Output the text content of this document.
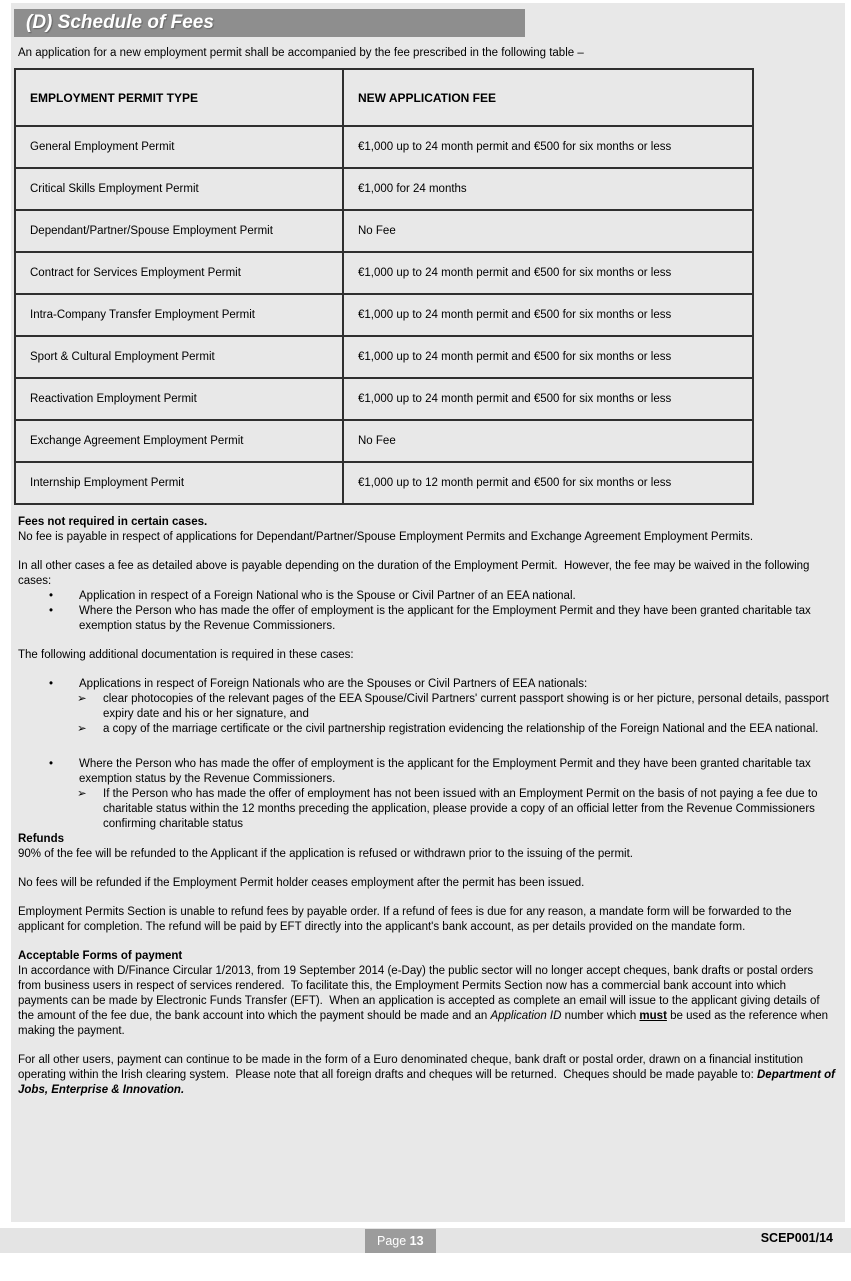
(D) Schedule of Fees
An application for a new employment permit shall be accompanied by the fee prescribed in the following table –
EMPLOYMENT PERMIT TYPE	NEW APPLICATION FEE
General Employment Permit	€1,000 up to 24 month permit and €500 for six months or less
Critical Skills Employment Permit	€1,000 for 24 months
Dependant/Partner/Spouse Employment Permit	No Fee
Contract for Services Employment Permit	€1,000 up to 24 month permit and €500 for six months or less
Intra-Company Transfer Employment Permit	€1,000 up to 24 month permit and €500 for six months or less
Sport & Cultural Employment Permit	€1,000 up to 24 month permit and €500 for six months or less
Reactivation Employment Permit	€1,000 up to 24 month permit and €500 for six months or less
Exchange Agreement Employment Permit	No Fee
Internship Employment Permit	€1,000 up to 12 month permit and €500 for six months or less

Fees not required in certain cases.

No fee is payable in respect of applications for Dependant/Partner/Spouse Employment Permits and Exchange Agreement Employment Permits.

In all other cases a fee as detailed above is payable depending on the duration of the Employment Permit.  However, the fee may be waived in the following cases:

•	Application in respect of a Foreign National who is the Spouse or Civil Partner of an EEA national.
•	Where the Person who has made the offer of employment is the applicant for the Employment Permit and they have been granted charitable tax exemption status by the Revenue Commissioners.

The following additional documentation is required in these cases:

•	Applications in respect of Foreign Nationals who are the Spouses or Civil Partners of EEA nationals:
➢	clear photocopies of the relevant pages of the EEA Spouse/Civil Partners' current passport showing is or her picture, personal details, passport expiry date and his or her signature, and
➢	a copy of the marriage certificate or the civil partnership registration evidencing the relationship of the Foreign National and the EEA national.
•	Where the Person who has made the offer of employment is the applicant for the Employment Permit and they have been granted charitable tax exemption status by the Revenue Commissioners.
➢	If the Person who has made the offer of employment has not been issued with an Employment Permit on the basis of not paying a fee due to charitable status within the 12 months preceding the application, please provide a copy of an official letter from the Revenue Commissioners confirming charitable status

Refunds

90% of the fee will be refunded to the Applicant if the application is refused or withdrawn prior to the issuing of the permit.

No fees will be refunded if the Employment Permit holder ceases employment after the permit has been issued.

Employment Permits Section is unable to refund fees by payable order. If a refund of fees is due for any reason, a mandate form will be forwarded to the applicant for completion. The refund will be paid by EFT directly into the applicant's bank account, as per details provided on the mandate form.

Acceptable Forms of payment

In accordance with D/Finance Circular 1/2013, from 19 September 2014 (e-Day) the public sector will no longer accept cheques, bank drafts or postal orders from business users in respect of services rendered.  To facilitate this, the Employment Permits Section now has a commercial bank account into which payments can be made by Electronic Funds Transfer (EFT).  When an application is accepted as complete an email will issue to the applicant giving details of the amount of the fee due, the bank account into which the payment should be made and an Application ID number which must be used as the reference when making the payment.

For all other users, payment can continue to be made in the form of a Euro denominated cheque, bank draft or postal order, drawn on a financial institution operating within the Irish clearing system.  Please note that all foreign drafts and cheques will be returned.  Cheques should be made payable to: Department of Jobs, Enterprise & Innovation.

Page 13	SCEP001/14
